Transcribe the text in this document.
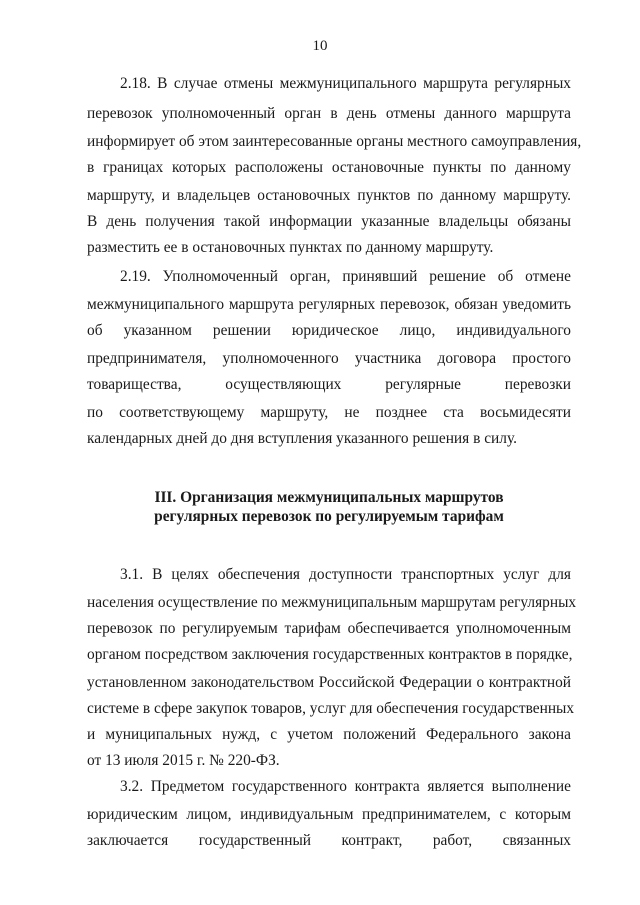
10
2.18. В случае отмены межмуниципального маршрута регулярных
перевозок уполномоченный орган в день отмены данного маршрута
информирует об этом заинтересованные органы местного самоуправления,
в границах которых расположены остановочные пункты по данному
маршруту, и владельцев остановочных пунктов по данному маршруту.
В день получения такой информации указанные владельцы обязаны
разместить ее в остановочных пунктах по данному маршруту.
2.19. Уполномоченный орган, принявший решение об отмене
межмуниципального маршрута регулярных перевозок, обязан уведомить
об указанном решении юридическое лицо, индивидуального
предпринимателя, уполномоченного участника договора простого
товарищества, осуществляющих регулярные перевозки
по соответствующему маршруту, не позднее ста восьмидесяти
календарных дней до дня вступления указанного решения в силу.
III. Организация межмуниципальных маршрутов
регулярных перевозок по регулируемым тарифам
3.1. В целях обеспечения доступности транспортных услуг для
населения осуществление по межмуниципальным маршрутам регулярных
перевозок по регулируемым тарифам обеспечивается уполномоченным
органом посредством заключения государственных контрактов в порядке,
установленном законодательством Российской Федерации о контрактной
системе в сфере закупок товаров, услуг для обеспечения государственных
и муниципальных нужд, с учетом положений Федерального закона
от 13 июля 2015 г. № 220-ФЗ.
3.2. Предметом государственного контракта является выполнение
юридическим лицом, индивидуальным предпринимателем, с которым
заключается государственный контракт, работ, связанных
